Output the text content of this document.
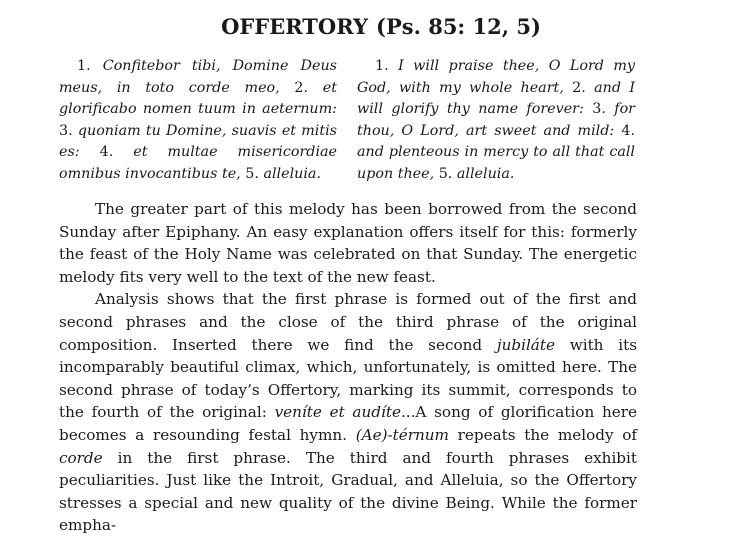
OFFERTORY (Ps. 85: 12, 5)

1. Confitebor tibi, Domine Deus meus, in toto corde meo, 2. et glorificabo nomen tuum in aeternum: 3. quoniam tu Domine, suavis et mitis es: 4. et multae misericordiae omnibus invocantibus te, 5. alleluia.

1. I will praise thee, O Lord my God, with my whole heart, 2. and I will glorify thy name forever: 3. for thou, O Lord, art sweet and mild: 4. and plenteous in mercy to all that call upon thee, 5. alleluia.

The greater part of this melody has been borrowed from the second Sunday after Epiphany. An easy explanation offers itself for this: formerly the feast of the Holy Name was celebrated on that Sunday. The energetic melody fits very well to the text of the new feast.

Analysis shows that the first phrase is formed out of the first and second phrases and the close of the third phrase of the original composition. Inserted there we find the second jubiláte with its incomparably beautiful climax, which, unfortunately, is omitted here. The second phrase of today’s Offertory, marking its summit, corresponds to the fourth of the original: veníte et audíte...A song of glorification here becomes a resounding festal hymn. (Ae)-térnum repeats the melody of corde in the first phrase. The third and fourth phrases exhibit peculiarities. Just like the Introit, Gradual, and Alleluia, so the Offertory stresses a special and new quality of the divine Being. While the former empha-
